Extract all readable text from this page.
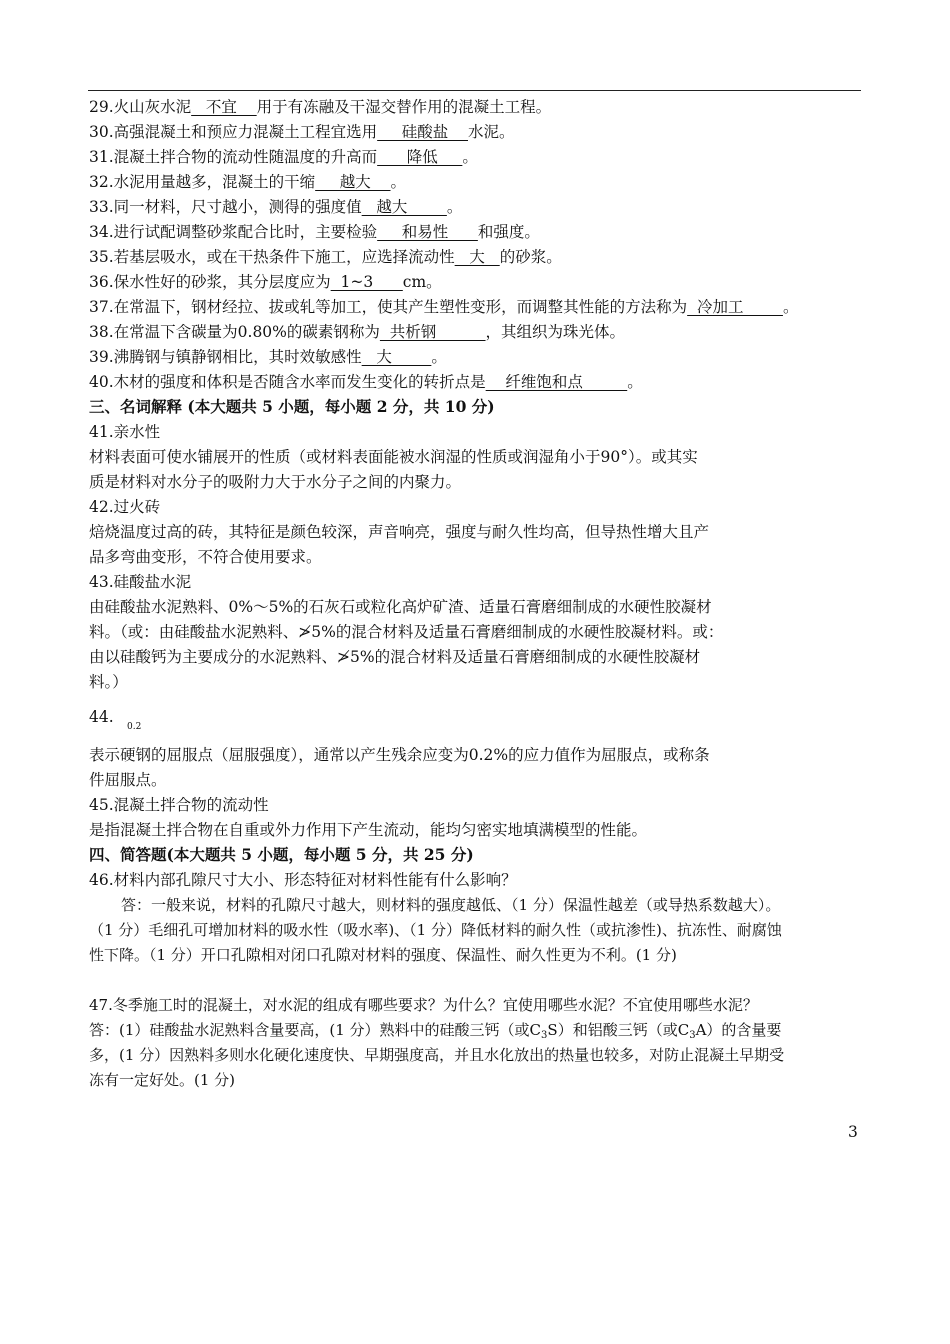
29.火山灰水泥   不宜    用于有冻融及干湿交替作用的混凝土工程。
30.高强混凝土和预应力混凝土工程宜选用     硅酸盐    水泥。
31.混凝土拌合物的流动性随温度的升高而      降低     。
32.水泥用量越多，混凝土的干缩     越大    。
33.同一材料，尺寸越小，测得的强度值   越大        。
34.进行试配调整砂浆配合比时，主要检验     和易性      和强度。
35.若基层吸水，或在干热条件下施工，应选择流动性   大   的砂浆。
36.保水性好的砂浆，其分层度应为  1~3      cm。
37.在常温下，钢材经拉、拔或轧等加工，使其产生塑性变形，而调整其性能的方法称为  冷加工        。
38.在常温下含碳量为0.80%的碳素钢称为  共析钢          ，其组织为珠光体。
39.沸腾钢与镇静钢相比，其时效敏感性   大        。
40.木材的强度和体积是否随含水率而发生变化的转折点是    纤维饱和点         。
三、名词解释 (本大题共 5 小题，每小题 2 分，共 10 分)
41.亲水性
材料表面可使水铺展开的性质（或材料表面能被水润湿的性质或润湿角小于90°）。或其实
质是材料对水分子的吸附力大于水分子之间的内聚力。
42.过火砖
焙烧温度过高的砖，其特征是颜色较深，声音响亮，强度与耐久性均高，但导热性增大且产
品多弯曲变形，不符合使用要求。
43.硅酸盐水泥
由硅酸盐水泥熟料、0%～5%的石灰石或粒化高炉矿渣、适量石膏磨细制成的水硬性胶凝材
料。（或：由硅酸盐水泥熟料、≯5%的混合材料及适量石膏磨细制成的水硬性胶凝材料。或：
由以硅酸钙为主要成分的水泥熟料、≯5%的混合材料及适量石膏磨细制成的水硬性胶凝材
料。）
44.
0.2
表示硬钢的屈服点（屈服强度），通常以产生残余应变为0.2%的应力值作为屈服点，或称条
件屈服点。
45.混凝土拌合物的流动性
是指混凝土拌合物在自重或外力作用下产生流动，能均匀密实地填满模型的性能。
四、简答题(本大题共 5 小题，每小题 5 分，共 25 分)
46.材料内部孔隙尺寸大小、形态特征对材料性能有什么影响？
答：一般来说，材料的孔隙尺寸越大，则材料的强度越低、（1 分）保温性越差（或导热系数越大）。
（1 分）毛细孔可增加材料的吸水性（吸水率)、（1 分）降低材料的耐久性（或抗渗性)、抗冻性、耐腐蚀
性下降。（1 分）开口孔隙相对闭口孔隙对材料的强度、保温性、耐久性更为不利。(1 分)
47.冬季施工时的混凝土，对水泥的组成有哪些要求？为什么？宜使用哪些水泥？不宜使用哪些水泥？
答：(1）硅酸盐水泥熟料含量要高，(1 分）熟料中的硅酸三钙（或$C_3S$）和铝酸三钙（或$C_3A$）的含量要
多，(1 分）因熟料多则水化硬化速度快、早期强度高，并且水化放出的热量也较多，对防止混凝土早期受
冻有一定好处。(1 分)
3
